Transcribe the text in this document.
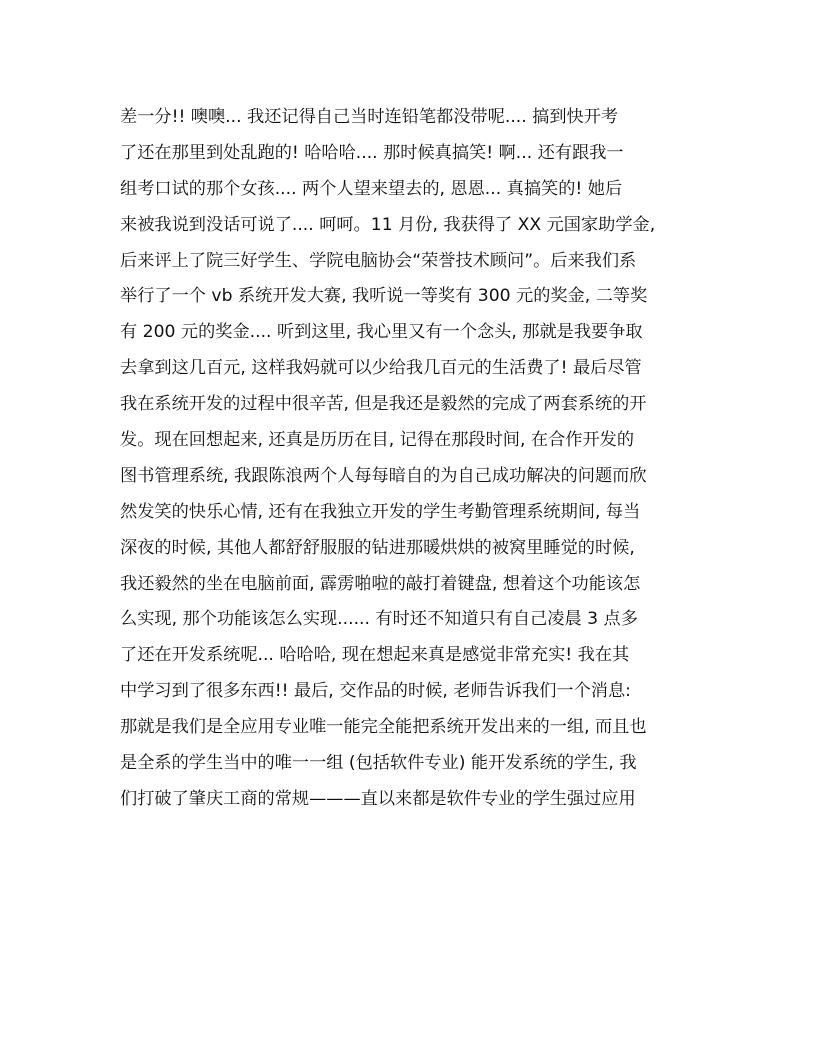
差一分!! 噢噢... 我还记得自己当时连铅笔都没带呢.... 搞到快开考
了还在那里到处乱跑的! 哈哈哈.... 那时候真搞笑! 啊... 还有跟我一
组考口试的那个女孩.... 两个人望来望去的, 恩恩... 真搞笑的! 她后
来被我说到没话可说了.... 呵呵。11 月份, 我获得了 XX 元国家助学金,
后来评上了院三好学生、学院电脑协会“荣誉技术顾问”。后来我们系
举行了一个 vb 系统开发大赛, 我听说一等奖有 300 元的奖金, 二等奖
有 200 元的奖金.... 听到这里, 我心里又有一个念头, 那就是我要争取
去拿到这几百元, 这样我妈就可以少给我几百元的生活费了! 最后尽管
我在系统开发的过程中很辛苦, 但是我还是毅然的完成了两套系统的开
发。现在回想起来, 还真是历历在目, 记得在那段时间, 在合作开发的
图书管理系统, 我跟陈浪两个人每每暗自的为自己成功解决的问题而欣
然发笑的快乐心情, 还有在我独立开发的学生考勤管理系统期间, 每当
深夜的时候, 其他人都舒舒服服的钻进那暖烘烘的被窝里睡觉的时候,
我还毅然的坐在电脑前面, 霹雳啪啦的敲打着键盘, 想着这个功能该怎
么实现, 那个功能该怎么实现...... 有时还不知道只有自己凌晨 3 点多
了还在开发系统呢... 哈哈哈, 现在想起来真是感觉非常充实! 我在其
中学习到了很多东西!! 最后, 交作品的时候, 老师告诉我们一个消息:
那就是我们是全应用专业唯一能完全能把系统开发出来的一组, 而且也
是全系的学生当中的唯一一组 (包括软件专业) 能开发系统的学生, 我
们打破了肇庆工商的常规———直以来都是软件专业的学生强过应用
